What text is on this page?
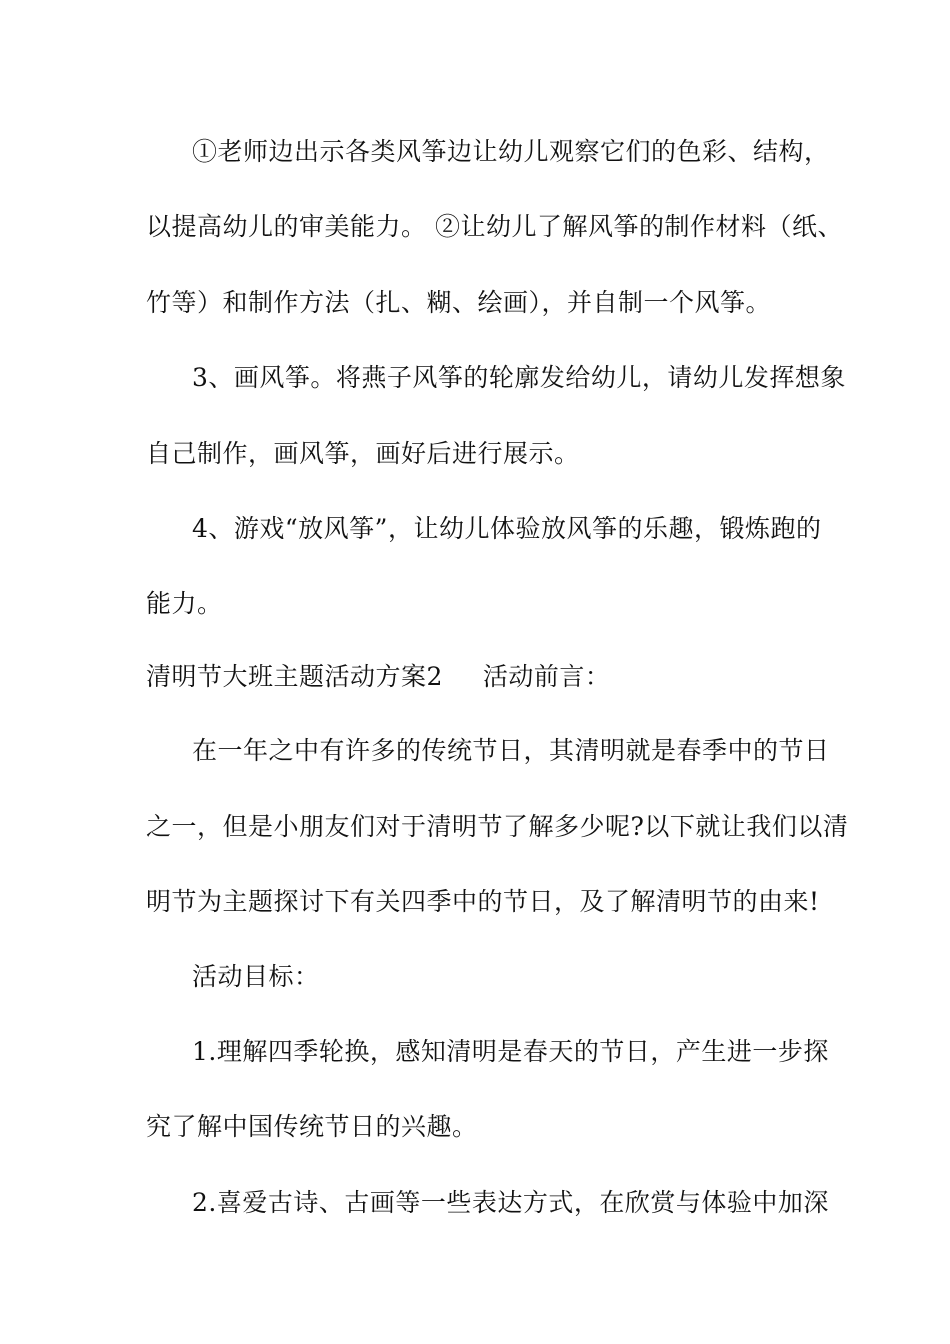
①老师边出示各类风筝边让幼儿观察它们的色彩、结构，
以提高幼儿的审美能力。 ②让幼儿了解风筝的制作材料（纸、
竹等）和制作方法（扎、糊、绘画），并自制一个风筝。
3、画风筝。将燕子风筝的轮廓发给幼儿，请幼儿发挥想象
自己制作，画风筝，画好后进行展示。
4、游戏“放风筝”，让幼儿体验放风筝的乐趣，锻炼跑的
能力。
清明节大班主题活动方案2 活动前言：
在一年之中有许多的传统节日，其清明就是春季中的节日
之一，但是小朋友们对于清明节了解多少呢?以下就让我们以清
明节为主题探讨下有关四季中的节日，及了解清明节的由来!
活动目标：
1.理解四季轮换，感知清明是春天的节日，产生进一步探
究了解中国传统节日的兴趣。
2.喜爱古诗、古画等一些表达方式，在欣赏与体验中加深
